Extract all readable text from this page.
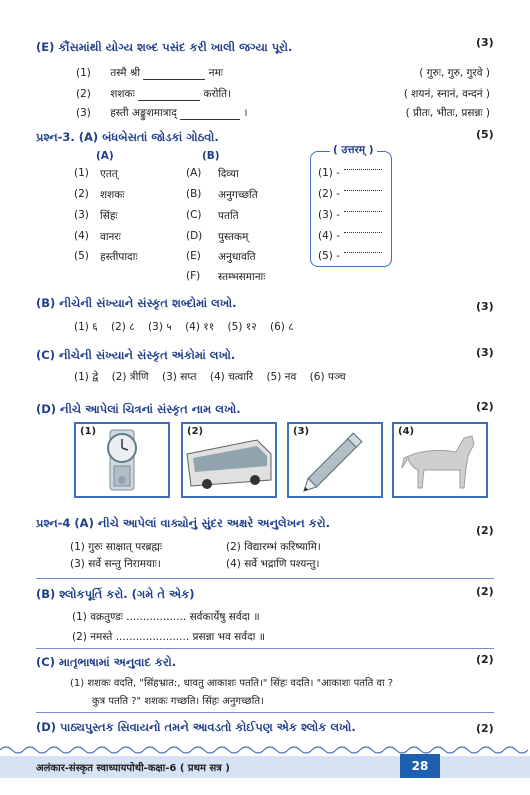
(E) કૌંસમાંથી યોગ્ય શબ્દ પસંદ કરી ખાલી જગ્યા પૂરો.	(3)
(1) तस्मै श्री	नमः	( गुरुः, गुरु, गुरवे )
(2) शशकः	करोति।	( शयनं, स्नानं, वन्दनं )
(3) हस्ती अङ्कुशमात्राद्	।	( प्रीतः, भीतः, प्रसन्नः )
પ્રશ્ન-3. (A) બંધબેસતાં જોડકાં ગોઠવો.	(5)
(A)	(B)	( उत्तरम् )
(1) एतत्
(2) शशकः
(3) सिंहः
(4) वानरः
(5) हस्तीपादाः
(A) दिव्या
(B) अनुगच्छति
(C) पतति
(D) पुस्तकम्
(E) अनुधावति
(F) स्तम्भसमानाः
(1) -
(2) -
(3) -
(4) -
(5) -
(B) નીચેની સંખ્યાને સંસ્કૃત શબ્દોમાં લખો.	(3)
(1) ६    (2) ८    (3) ५    (4) ११    (5) १२    (6) ८
(C) નીચેની સંખ્યાને સંસ્કૃત અંકોમાં લખો.	(3)
(1) द्वे    (2) त्रीणि    (3) सप्त    (4) चत्वारि    (5) नव    (6) पञ्च
(D) નીચે આપેલાં ચિત્રનાં સંસ્કૃત નામ લખો.	(2)
(1)	(2)	(3)	(4)
પ્રશ્ન-4 (A) નીચે આપેલાં વાક્યોનું સુંદર અક્ષરે અનુલેખન કરો.
(2)
(1) गुरुः साक्षात् परब्रह्मः	(2) विद्यारम्भं करिष्यामि।
(3) सर्वे सन्तु निरामयाः।	(4) सर्वे भद्राणि पश्यन्तु।
(B) શ્લોકપૂર્તિ કરો. (ગમે તે એક)	(2)
(1) वक्रतुण्डः .................. सर्वकार्येषु सर्वदा ॥
(2) नमस्ते ...................... प्रसन्ना भव सर्वदा ॥
(C) માતૃભાષામાં અનુવાદ કરો.	(2)
(1) शशकः वदति, "सिंहभ्रात:, धावतु आकाशः पतति।" सिंहः वदति। "आकाशः पतति वा ?
कुत्र पतति ?" शशकः गच्छति। सिंहः अनुगच्छति।
(D) પાઠ્યપુસ્તક સિવાયનો તમને આવડતો કોઈપણ એક શ્લોક લખો.	(2)
अलंकार-संस्कृत स्वाध्यायपोथी-कक्षा-6 ( प्रथम सत्र )	28
